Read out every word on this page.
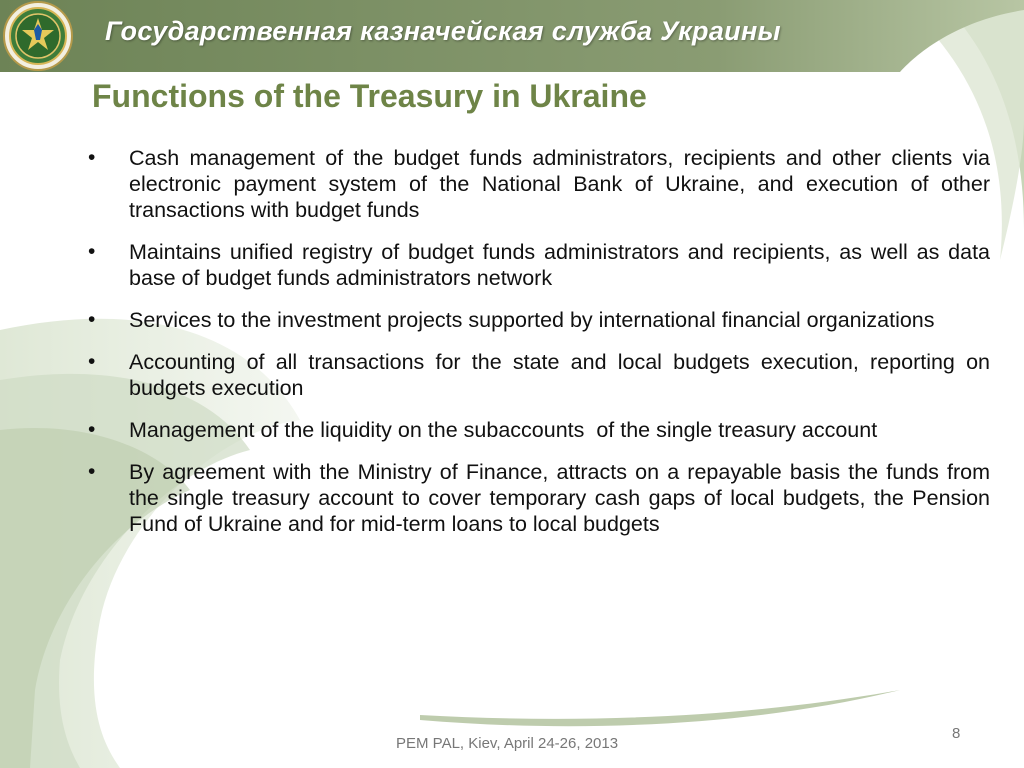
Государственная казначейская служба Украины
Functions of the Treasury in Ukraine
• Cash management of the budget funds administrators, recipients and other clients via electronic payment system of the National Bank of Ukraine, and execution of other transactions with budget funds
• Maintains unified registry of budget funds administrators and recipients, as well as data base of budget funds administrators network
• Services to the investment projects supported by international financial organizations
• Accounting of all transactions for the state and local budgets execution, reporting on budgets execution
• Management of the liquidity on the subaccounts  of the single treasury account
• By agreement with the Ministry of Finance, attracts on a repayable basis the funds from the single treasury account to cover temporary cash gaps of local budgets, the Pension Fund of Ukraine and for mid-term loans to local budgets
PEM PAL, Kiev, April 24-26, 2013
8
